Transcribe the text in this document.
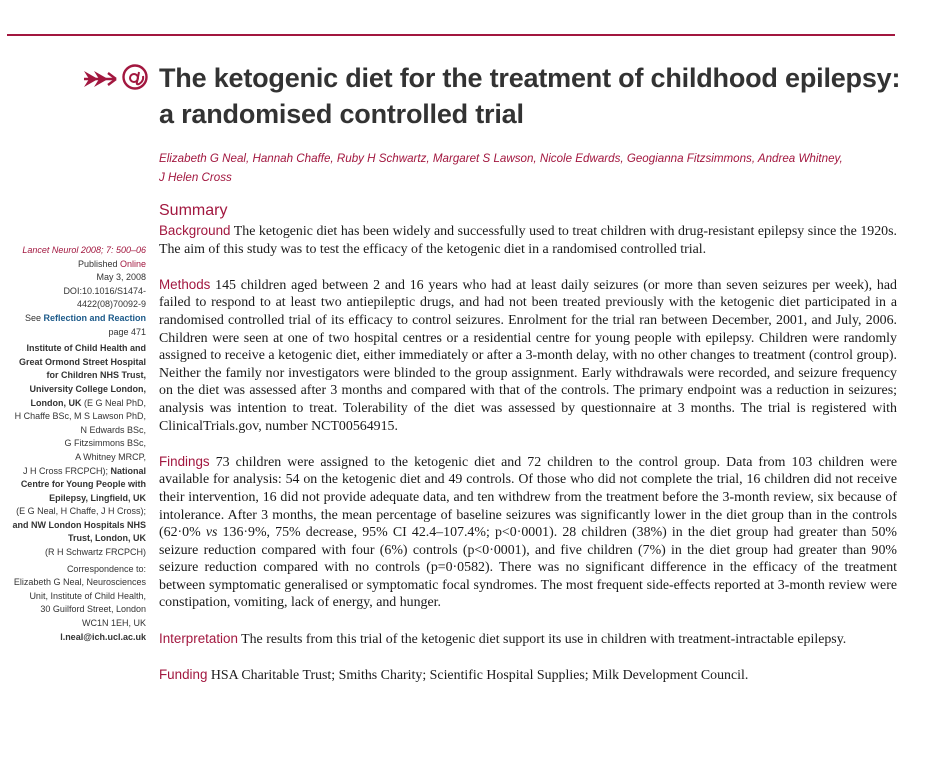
The ketogenic diet for the treatment of childhood epilepsy:
a randomised controlled trial
Elizabeth G Neal, Hannah Chaffe, Ruby H Schwartz, Margaret S Lawson, Nicole Edwards, Geogianna Fitzsimmons, Andrea Whitney,
J Helen Cross
Summary

Background The ketogenic diet has been widely and successfully used to treat children with drug-resistant epilepsy since the 1920s. The aim of this study was to test the efficacy of the ketogenic diet in a randomised controlled trial.

Methods 145 children aged between 2 and 16 years who had at least daily seizures (or more than seven seizures per week), had failed to respond to at least two antiepileptic drugs, and had not been treated previously with the ketogenic diet participated in a randomised controlled trial of its efficacy to control seizures. Enrolment for the trial ran between December, 2001, and July, 2006. Children were seen at one of two hospital centres or a residential centre for young people with epilepsy. Children were randomly assigned to receive a ketogenic diet, either immediately or after a 3-month delay, with no other changes to treatment (control group). Neither the family nor investigators were blinded to the group assignment. Early withdrawals were recorded, and seizure frequency on the diet was assessed after 3 months and compared with that of the controls. The primary endpoint was a reduction in seizures; analysis was intention to treat. Tolerability of the diet was assessed by questionnaire at 3 months. The trial is registered with ClinicalTrials.gov, number NCT00564915.

Findings 73 children were assigned to the ketogenic diet and 72 children to the control group. Data from 103 children were available for analysis: 54 on the ketogenic diet and 49 controls. Of those who did not complete the trial, 16 children did not receive their intervention, 16 did not provide adequate data, and ten withdrew from the treatment before the 3-month review, six because of intolerance. After 3 months, the mean percentage of baseline seizures was significantly lower in the diet group than in the controls (62·0% vs 136·9%, 75% decrease, 95% CI 42.4–107.4%; p<0·0001). 28 children (38%) in the diet group had greater than 50% seizure reduction compared with four (6%) controls (p<0·0001), and five children (7%) in the diet group had greater than 90% seizure reduction compared with no controls (p=0·0582). There was no significant difference in the efficacy of the treatment between symptomatic generalised or symptomatic focal syndromes. The most frequent side-effects reported at 3-month review were constipation, vomiting, lack of energy, and hunger.

Interpretation The results from this trial of the ketogenic diet support its use in children with treatment-intractable epilepsy.

Funding HSA Charitable Trust; Smiths Charity; Scientific Hospital Supplies; Milk Development Council.

Lancet Neurol 2008; 7: 500–06
Published Online
May 3, 2008
DOI:10.1016/S1474-
4422(08)70092-9
See Reflection and Reaction
page 471
Institute of Child Health and
Great Ormond Street Hospital
for Children NHS Trust,
University College London,
London, UK (E G Neal PhD,
H Chaffe BSc, M S Lawson PhD,
N Edwards BSc,
G Fitzsimmons BSc,
A Whitney MRCP,
J H Cross FRCPCH); National
Centre for Young People with
Epilepsy, Lingfield, UK
(E G Neal, H Chaffe, J H Cross);
and NW London Hospitals NHS
Trust, London, UK
(R H Schwartz FRCPCH)
Correspondence to:
Elizabeth G Neal, Neurosciences
Unit, Institute of Child Health,
30 Guilford Street, London
WC1N 1EH, UK
l.neal@ich.ucl.ac.uk
